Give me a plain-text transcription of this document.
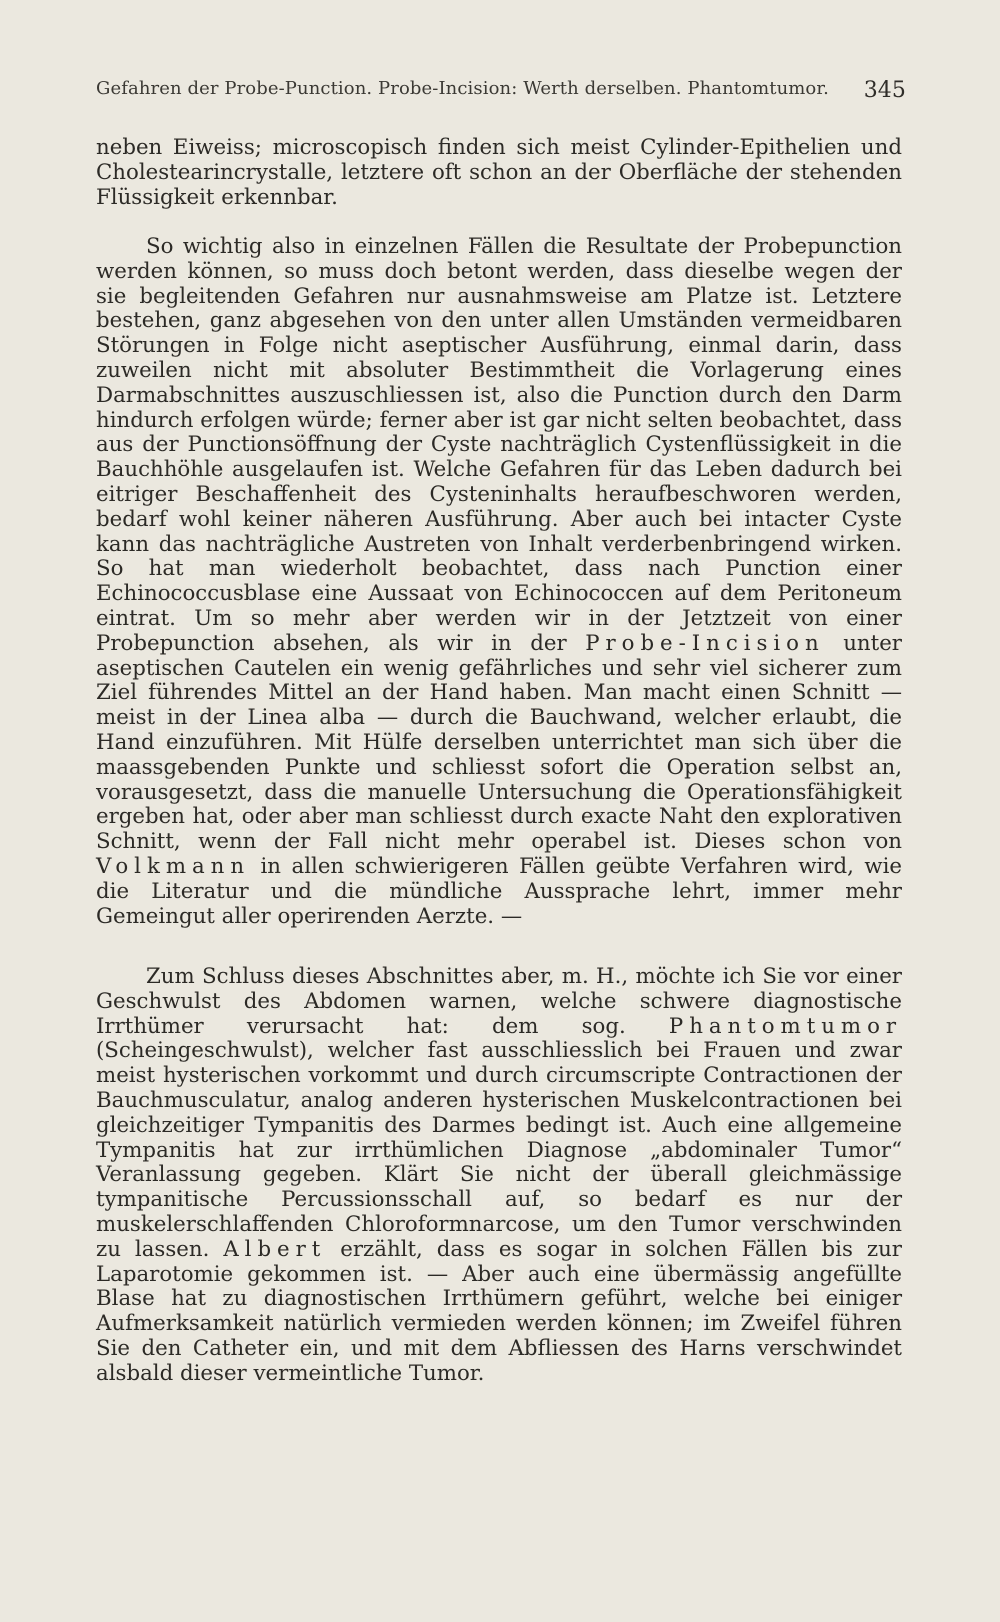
Gefahren der Probe-Punction. Probe-Incision: Werth derselben. Phantomtumor. 345

neben Eiweiss; microscopisch finden sich meist Cylinder-Epithelien und Cholestearincrystalle, letztere oft schon an der Oberfläche der stehenden Flüssigkeit erkennbar.

So wichtig also in einzelnen Fällen die Resultate der Probepunction werden können, so muss doch betont werden, dass dieselbe wegen der sie begleitenden Gefahren nur ausnahmsweise am Platze ist. Letztere bestehen, ganz abgesehen von den unter allen Umständen vermeidbaren Störungen in Folge nicht aseptischer Ausführung, einmal darin, dass zuweilen nicht mit absoluter Bestimmtheit die Vorlagerung eines Darmabschnittes auszuschliessen ist, also die Punction durch den Darm hindurch erfolgen würde; ferner aber ist gar nicht selten beobachtet, dass aus der Punctionsöffnung der Cyste nachträglich Cystenflüssigkeit in die Bauchhöhle ausgelaufen ist. Welche Gefahren für das Leben dadurch bei eitriger Beschaffenheit des Cysteninhalts heraufbeschworen werden, bedarf wohl keiner näheren Ausführung. Aber auch bei intacter Cyste kann das nachträgliche Austreten von Inhalt verderbenbringend wirken. So hat man wiederholt beobachtet, dass nach Punction einer Echinococcusblase eine Aussaat von Echinococcen auf dem Peritoneum eintrat. Um so mehr aber werden wir in der Jetztzeit von einer Probepunction absehen, als wir in der Probe-Incision unter aseptischen Cautelen ein wenig gefährliches und sehr viel sicherer zum Ziel führendes Mittel an der Hand haben. Man macht einen Schnitt — meist in der Linea alba — durch die Bauchwand, welcher erlaubt, die Hand einzuführen. Mit Hülfe derselben unterrichtet man sich über die maassgebenden Punkte und schliesst sofort die Operation selbst an, vorausgesetzt, dass die manuelle Untersuchung die Operationsfähigkeit ergeben hat, oder aber man schliesst durch exacte Naht den explorativen Schnitt, wenn der Fall nicht mehr operabel ist. Dieses schon von Volkmann in allen schwierigeren Fällen geübte Verfahren wird, wie die Literatur und die mündliche Aussprache lehrt, immer mehr Gemeingut aller operirenden Aerzte. —

Zum Schluss dieses Abschnittes aber, m. H., möchte ich Sie vor einer Geschwulst des Abdomen warnen, welche schwere diagnostische Irrthümer verursacht hat: dem sog. Phantomtumor (Scheingeschwulst), welcher fast ausschliesslich bei Frauen und zwar meist hysterischen vorkommt und durch circumscripte Contractionen der Bauchmusculatur, analog anderen hysterischen Muskelcontractionen bei gleichzeitiger Tympanitis des Darmes bedingt ist. Auch eine allgemeine Tympanitis hat zur irrthümlichen Diagnose „abdominaler Tumor“ Veranlassung gegeben. Klärt Sie nicht der überall gleichmässige tympanitische Percussionsschall auf, so bedarf es nur der muskelerschlaffenden Chloroformnarcose, um den Tumor verschwinden zu lassen. Albert erzählt, dass es sogar in solchen Fällen bis zur Laparotomie gekommen ist. — Aber auch eine übermässig angefüllte Blase hat zu diagnostischen Irrthümern geführt, welche bei einiger Aufmerksamkeit natürlich vermieden werden können; im Zweifel führen Sie den Catheter ein, und mit dem Abfliessen des Harns verschwindet alsbald dieser vermeintliche Tumor.
